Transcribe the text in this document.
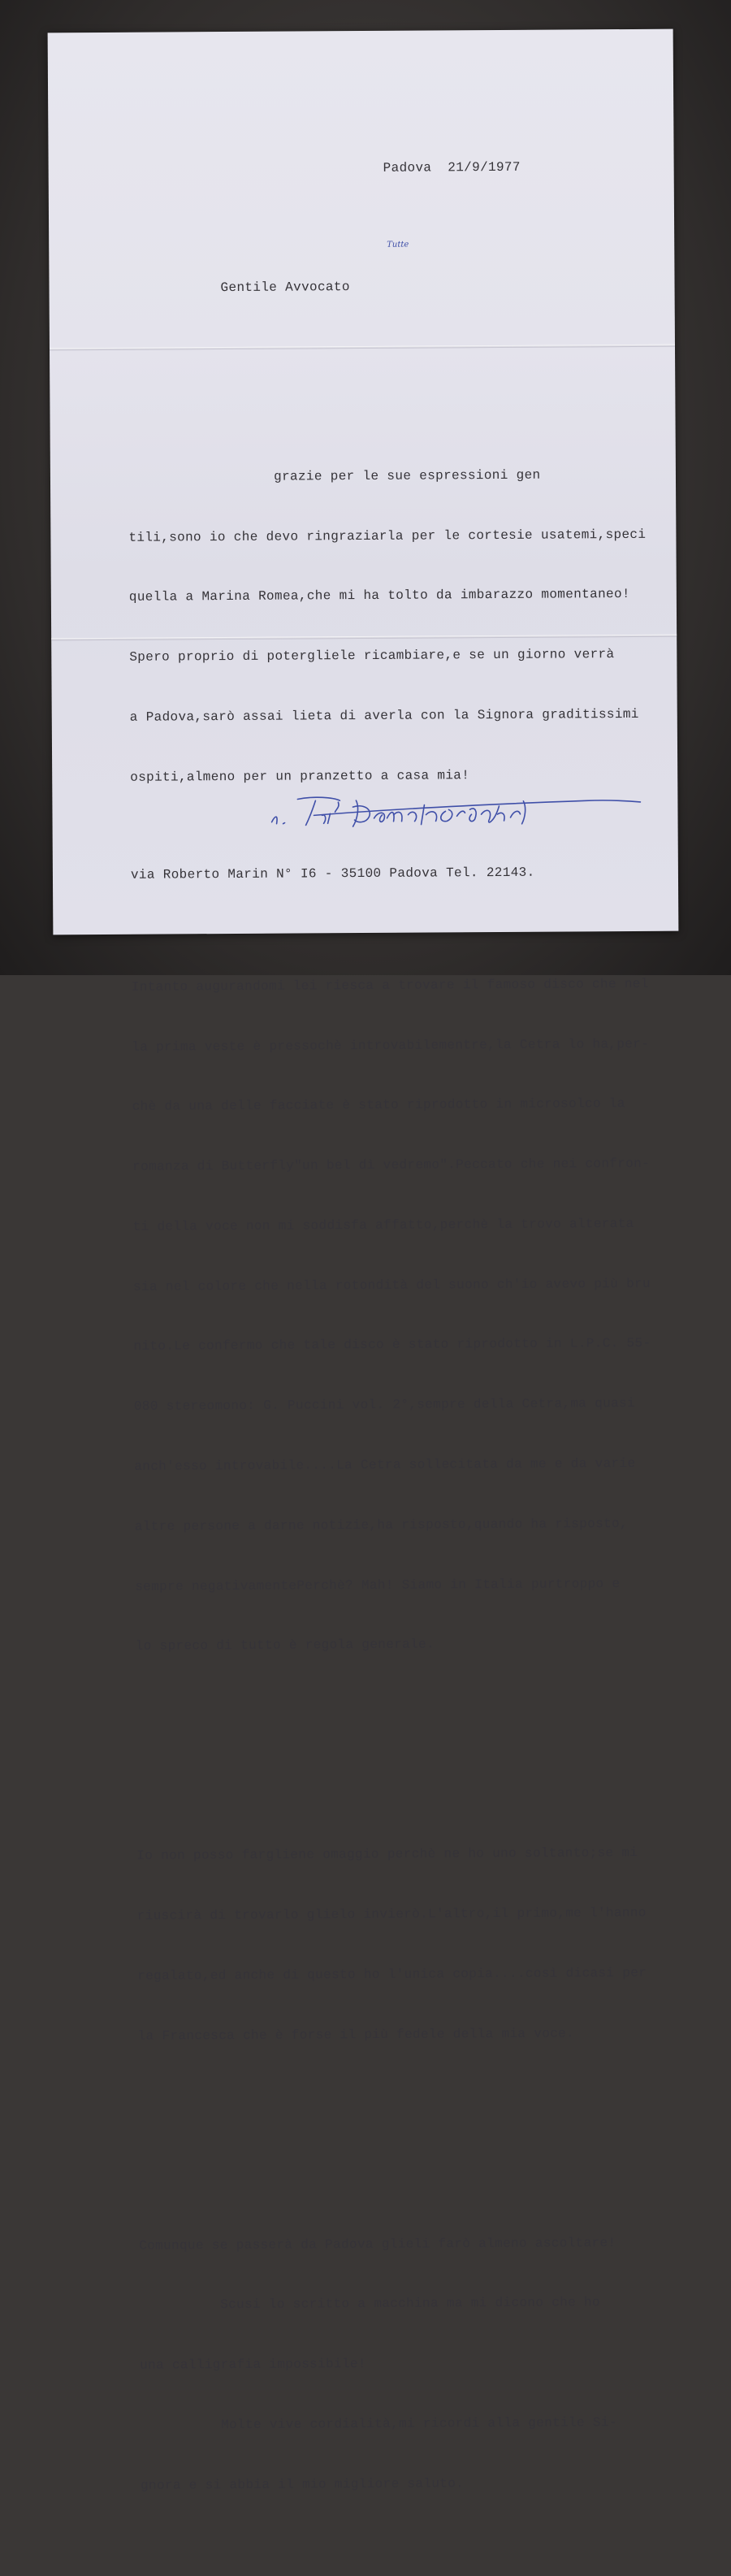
Padova  21/9/1977

Gentile Avvocato

grazie per le sue espressioni gen

tili,sono io che devo ringraziarla per le cortesie usatemi,speci

quella a Marina Romea,che mi ha tolto da imbarazzo momentaneo!

Spero proprio di potergliele ricambiare,e se un giorno verrà

a Padova,sarò assai lieta di averla con la Signora graditissimi

ospiti,almeno per un pranzetto a casa mia!

Intanto augurandomi lei riesca a trovare il famoso disco che nel

la prima veste è pressochè introvabilementre,la Cetra lo ha,per-

chè da una delle facciate è stato riprodotto in microsolco la

romanza di Butterfly"un bel dì vedremo".Peccato che nei confron-

ti della voce non mi soddisfa affatto,perchè la trovo alterata

sia nel colore che nella rotondità del suono ch'io avevo più bru

nito.Le confermo che tale disco è stato riprodotto in L.P.C. 55-

080 stereomono: G. Puccini vol. 2°,sempre della Cetra,ma quasi

anch'esso introvabile....La Cetra sollecitata da me e da varie

altre persone a darne notizie,ha risposto,quando ha risposto,

sempre negativamentePerchè? Mah! Siamo in Italia purtroppo e

lo spreco di tutto è regola generale.

Io non posso fargliene omaggio perchè ne ho uno soltanto;se mi

riuscirà di trovarlo glielo invierò.L'altro,il primo,me l'hanno

regalato,ed anche di questo ho l'unica copia....così dicasi per

la Francesca che è forse il più fedele della mia voce.

Comunque se passerà da Padova glieli farò almeno ascoltare!

Scusi lo scritto a macchina ma mi dicono che ho

una calligrafia impossibile!

Molte vive cordialità,mi ricordi alla gentile Si-

gnora e si abbia il mio migliore saluto.

Tutte
via Roberto Marin N° I6 - 35100 Padova Tel. 22143.
